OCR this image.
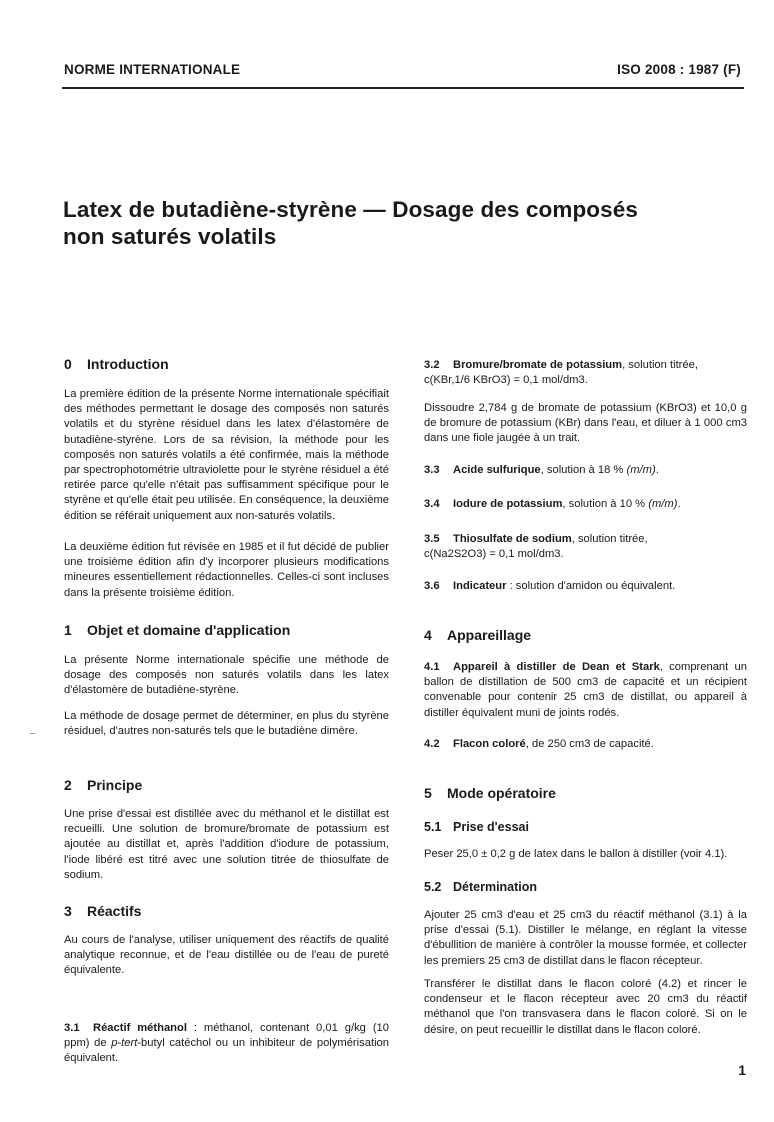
NORME INTERNATIONALE	ISO 2008 : 1987 (F)
Latex de butadiène-styrène — Dosage des composés
non saturés volatils
0 Introduction
La première édition de la présente Norme internationale spécifiait des méthodes permettant le dosage des composés non saturés volatils et du styrène résiduel dans les latex d'élastomère de butadiène-styrène. Lors de sa révision, la méthode pour les composés non saturés volatils a été confirmée, mais la méthode par spectrophotométrie ultraviolette pour le styrène résiduel a été retirée parce qu'elle n'était pas suffisamment spécifique pour le styrène et qu'elle était peu utilisée. En conséquence, la deuxième édition se référait uniquement aux non-saturés volatils.
La deuxième édition fut révisée en 1985 et il fut décidé de publier une troisième édition afin d'y incorporer plusieurs modifications mineures essentiellement rédactionnelles. Celles-ci sont incluses dans la présente troisième édition.
1 Objet et domaine d'application
La présente Norme internationale spécifie une méthode de dosage des composés non saturés volatils dans les latex d'élastomère de butadiène-styrène.
La méthode de dosage permet de déterminer, en plus du styrène résiduel, d'autres non-saturés tels que le butadiène dimère.
2 Principe
Une prise d'essai est distillée avec du méthanol et le distillat est recueilli. Une solution de bromure/bromate de potassium est ajoutée au distillat et, après l'addition d'iodure de potassium, l'iode libéré est titré avec une solution titrée de thiosulfate de sodium.
3 Réactifs
Au cours de l'analyse, utiliser uniquement des réactifs de qualité analytique reconnue, et de l'eau distillée ou de l'eau de pureté équivalente.
3.1 Réactif méthanol : méthanol, contenant 0,01 g/kg (10 ppm) de p-tert-butyl catéchol ou un inhibiteur de polymérisation équivalent.
3.2 Bromure/bromate de potassium, solution titrée,
c(KBr,1/6 KBrO3) = 0,1 mol/dm3.
Dissoudre 2,784 g de bromate de potassium (KBrO3) et 10,0 g de bromure de potassium (KBr) dans l'eau, et diluer à 1 000 cm3 dans une fiole jaugée à un trait.
3.3 Acide sulfurique, solution à 18 % (m/m).
3.4 Iodure de potassium, solution à 10 % (m/m).
3.5 Thiosulfate de sodium, solution titrée,
c(Na2S2O3) = 0,1 mol/dm3.
3.6 Indicateur : solution d'amidon ou équivalent.
4 Appareillage
4.1 Appareil à distiller de Dean et Stark, comprenant un ballon de distillation de 500 cm3 de capacité et un récipient convenable pour contenir 25 cm3 de distillat, ou appareil à distiller équivalent muni de joints rodés.
4.2 Flacon coloré, de 250 cm3 de capacité.
5 Mode opératoire
5.1 Prise d'essai
Peser 25,0 ± 0,2 g de latex dans le ballon à distiller (voir 4.1).
5.2 Détermination
Ajouter 25 cm3 d'eau et 25 cm3 du réactif méthanol (3.1) à la prise d'essai (5.1). Distiller le mélange, en réglant la vitesse d'ébullition de manière à contrôler la mousse formée, et collecter les premiers 25 cm3 de distillat dans le flacon récepteur.
Transférer le distillat dans le flacon coloré (4.2) et rincer le condenseur et le flacon récepteur avec 20 cm3 du réactif méthanol que l'on transvasera dans le flacon coloré. Si on le désire, on peut recueillir le distillat dans le flacon coloré.
1
